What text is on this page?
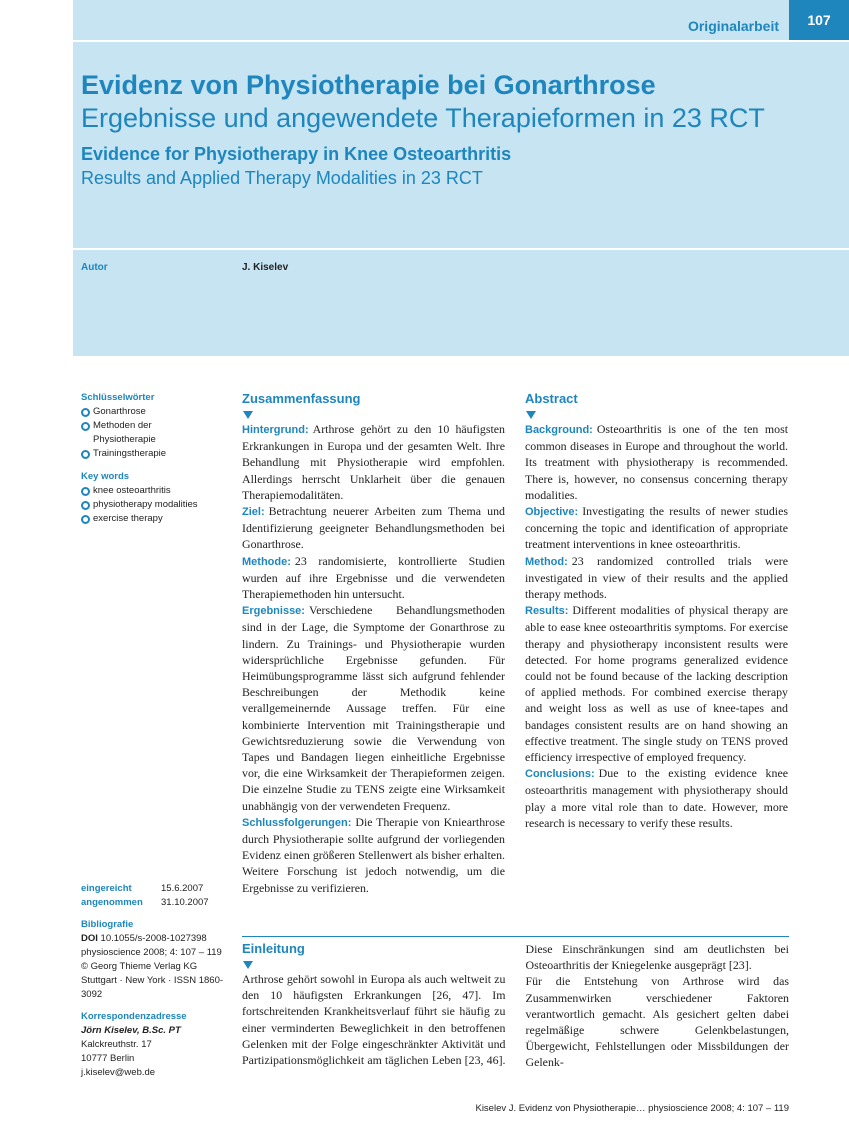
Originalarbeit	107
Evidenz von Physiotherapie bei Gonarthrose
Ergebnisse und angewendete Therapieformen in 23 RCT
Evidence for Physiotherapy in Knee Osteoarthritis
Results and Applied Therapy Modalities in 23 RCT
Autor	J. Kiselev
Schlüsselwörter
Gonarthrose
Methoden der Physiotherapie
Trainingstherapie
Key words
knee osteoarthritis
physiotherapy modalities
exercise therapy
eingereicht	15.6.2007
angenommen	31.10.2007
Bibliografie
DOI 10.1055/s-2008-1027398 physioscience 2008; 4: 107 – 119 © Georg Thieme Verlag KG Stuttgart · New York · ISSN 1860-3092
Korrespondenzadresse
Jörn Kiselev, B.Sc. PT
Kalckreuthstr. 17
10777 Berlin
j.kiselev@web.de
Zusammenfassung
Hintergrund: Arthrose gehört zu den 10 häufigsten Erkrankungen in Europa und der gesamten Welt. Ihre Behandlung mit Physiotherapie wird empfohlen. Allerdings herrscht Unklarheit über die genauen Therapiemodalitäten.
Ziel: Betrachtung neuerer Arbeiten zum Thema und Identifizierung geeigneter Behandlungsmethoden bei Gonarthrose.
Methode: 23 randomisierte, kontrollierte Studien wurden auf ihre Ergebnisse und die verwendeten Therapiemethoden hin untersucht.
Ergebnisse: Verschiedene Behandlungsmethoden sind in der Lage, die Symptome der Gonarthrose zu lindern. Zu Trainings- und Physiotherapie wurden widersprüchliche Ergebnisse gefunden. Für Heimübungsprogramme lässt sich aufgrund fehlender Beschreibungen der Methodik keine verallgemeinernde Aussage treffen. Für eine kombinierte Intervention mit Trainingstherapie und Gewichtsreduzierung sowie die Verwendung von Tapes und Bandagen liegen einheitliche Ergebnisse vor, die eine Wirksamkeit der Therapieformen zeigen. Die einzelne Studie zu TENS zeigte eine Wirksamkeit unabhängig von der verwendeten Frequenz.
Schlussfolgerungen: Die Therapie von Kniearthrose durch Physiotherapie sollte aufgrund der vorliegenden Evidenz einen größeren Stellenwert als bisher erhalten. Weitere Forschung ist jedoch notwendig, um die Ergebnisse zu verifizieren.
Abstract
Background: Osteoarthritis is one of the ten most common diseases in Europe and throughout the world. Its treatment with physiotherapy is recommended. There is, however, no consensus concerning therapy modalities.
Objective: Investigating the results of newer studies concerning the topic and identification of appropriate treatment interventions in knee osteoarthritis.
Method: 23 randomized controlled trials were investigated in view of their results and the applied therapy methods.
Results: Different modalities of physical therapy are able to ease knee osteoarthritis symptoms. For exercise therapy and physiotherapy inconsistent results were detected. For home programs generalized evidence could not be found because of the lacking description of applied methods. For combined exercise therapy and weight loss as well as use of knee-tapes and bandages consistent results are on hand showing an effective treatment. The single study on TENS proved efficiency irrespective of employed frequency.
Conclusions: Due to the existing evidence knee osteoarthritis management with physiotherapy should play a more vital role than to date. However, more research is necessary to verify these results.
Einleitung
Arthrose gehört sowohl in Europa als auch weltweit zu den 10 häufigsten Erkrankungen [26, 47]. Im fortschreitenden Krankheitsverlauf führt sie häufig zu einer verminderten Beweglichkeit in den betroffenen Gelenken mit der Folge eingeschränkter Aktivität und Partizipationsmöglichkeit am täglichen Leben [23, 46]. Diese Einschränkungen sind am deutlichsten bei Osteoarthritis der Kniegelenke ausgeprägt [23].
Für die Entstehung von Arthrose wird das Zusammenwirken verschiedener Faktoren verantwortlich gemacht. Als gesichert gelten dabei regelmäßige schwere Gelenkbelastungen, Übergewicht, Fehlstellungen oder Missbildungen der Gelenk-
Kiselev J. Evidenz von Physiotherapie… physioscience 2008; 4: 107 – 119
